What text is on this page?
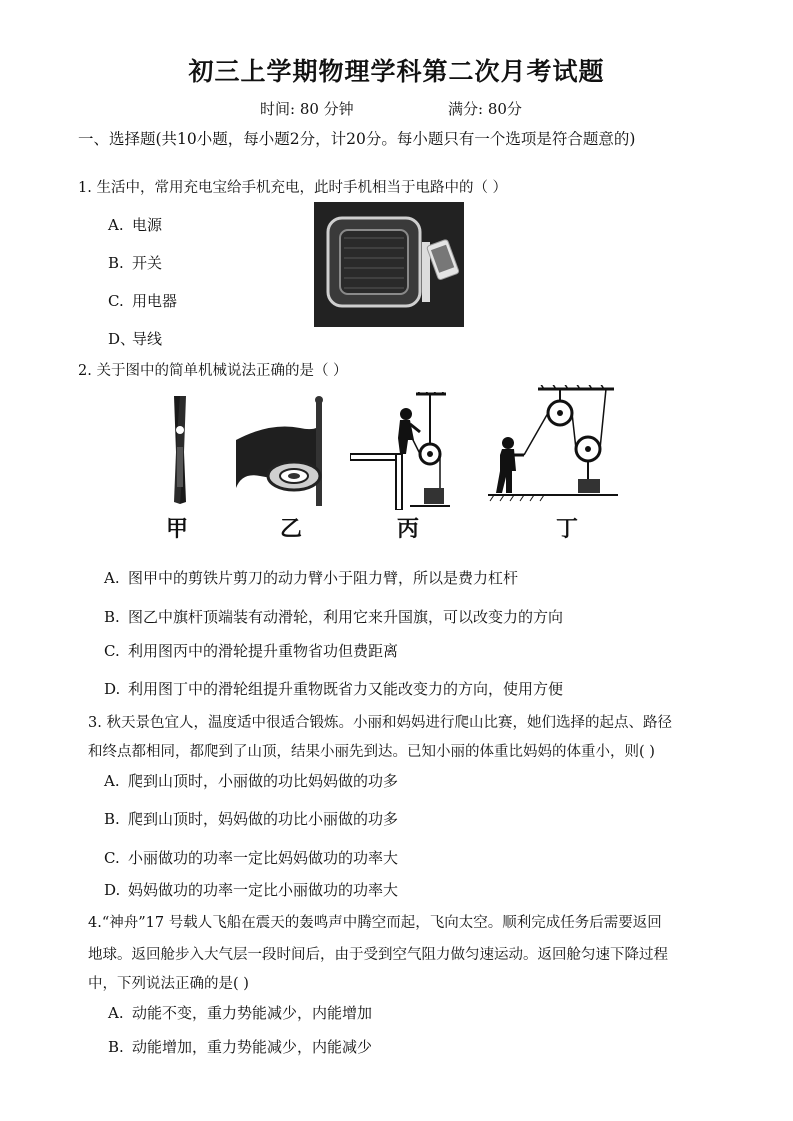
初三上学期物理学科第二次月考试题
时间: 80 分钟	满分: 80分
一、选择题(共10小题，每小题2分，计20分。每小题只有一个选项是符合题意的)
1. 生活中，常用充电宝给手机充电，此时手机相当于电路中的（ ）
A. 电源
B. 开关
C. 用电器
D、导线
2. 关于图中的简单机械说法正确的是（ ）
甲	乙	丙	丁
A. 图甲中的剪铁片剪刀的动力臂小于阻力臂，所以是费力杠杆
B. 图乙中旗杆顶端装有动滑轮，利用它来升国旗，可以改变力的方向
C. 利用图丙中的滑轮提升重物省功但费距离
D. 利用图丁中的滑轮组提升重物既省力又能改变力的方向，使用方便
3. 秋天景色宜人，温度适中很适合锻炼。小丽和妈妈进行爬山比赛，她们选择的起点、路径
和终点都相同，都爬到了山顶，结果小丽先到达。已知小丽的体重比妈妈的体重小，则( )
A. 爬到山顶时，小丽做的功比妈妈做的功多
B. 爬到山顶时，妈妈做的功比小丽做的功多
C. 小丽做功的功率一定比妈妈做功的功率大
D. 妈妈做功的功率一定比小丽做功的功率大
4.“神舟”17 号载人飞船在震天的轰鸣声中腾空而起，飞向太空。顺利完成任务后需要返回
地球。返回舱步入大气层一段时间后，由于受到空气阻力做匀速运动。返回舱匀速下降过程
中，下列说法正确的是( )
A. 动能不变，重力势能减少，内能增加
B. 动能增加，重力势能减少，内能减少
